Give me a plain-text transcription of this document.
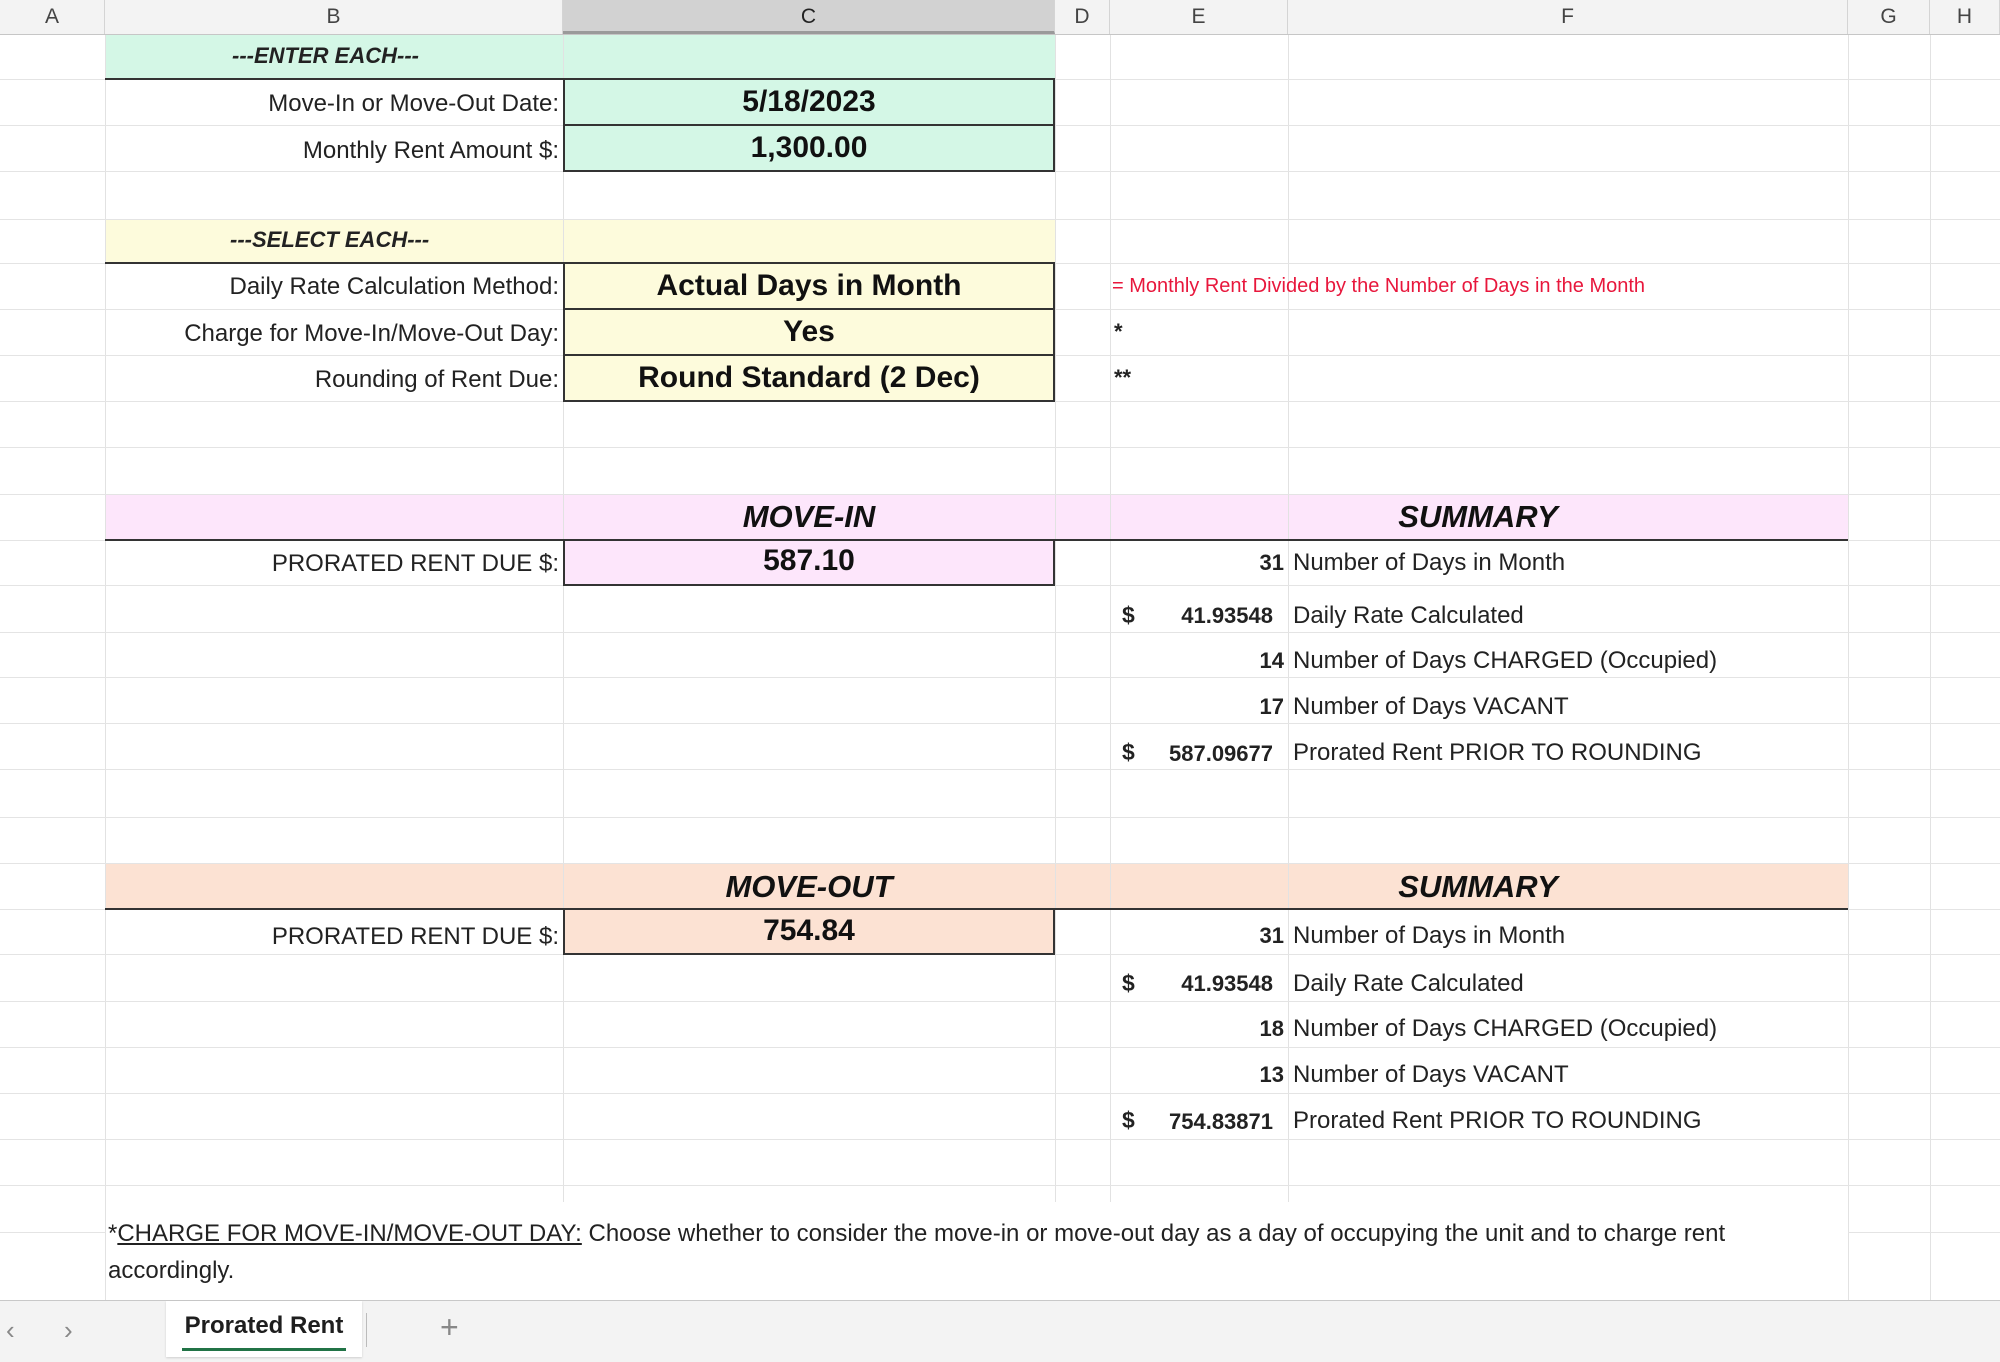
A	B	C	D	E	F	G	H
---ENTER EACH---
Move-In or Move-Out Date:	5/18/2023
Monthly Rent Amount $:	1,300.00
---SELECT EACH---
Daily Rate Calculation Method:	Actual Days in Month	= Monthly Rent Divided by the Number of Days in the Month
Charge for Move-In/Move-Out Day:	Yes	*
Rounding of Rent Due:	Round Standard (2 Dec)	**
MOVE-IN	SUMMARY
PRORATED RENT DUE $:	587.10	31 Number of Days in Month
$	41.93548 Daily Rate Calculated
14 Number of Days CHARGED (Occupied)
17 Number of Days VACANT
$	587.09677 Prorated Rent PRIOR TO ROUNDING
MOVE-OUT	SUMMARY
PRORATED RENT DUE $:	754.84	31 Number of Days in Month
$	41.93548 Daily Rate Calculated
18 Number of Days CHARGED (Occupied)
13 Number of Days VACANT
$	754.83871 Prorated Rent PRIOR TO ROUNDING
*CHARGE FOR MOVE-IN/MOVE-OUT DAY: Choose whether to consider the move-in or move-out day as a day of occupying the unit and to charge rent
accordingly.
‹ ›	Prorated Rent	+
